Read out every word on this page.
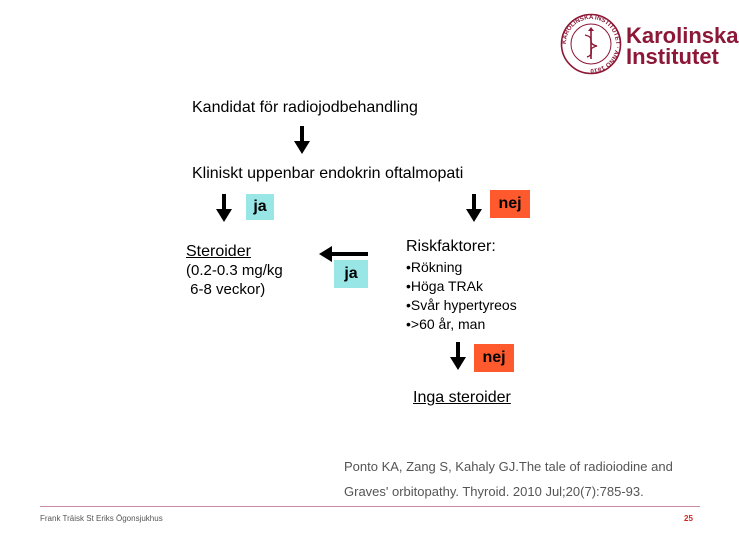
KAROLINSKA INSTITUTET · ANNO 1810
Karolinska
Institutet
Kandidat för radiojodbehandling
Kliniskt uppenbar endokrin oftalmopati
ja	nej
Steroider
(0.2-0.3 mg/kg
6-8 veckor)
ja
Riskfaktorer:
•Rökning
•Höga TRAk
•Svår hypertyreos
•>60 år, man
nej
Inga steroider
Ponto KA, Zang S, Kahaly GJ.The tale of radioiodine and
Graves' orbitopathy. Thyroid. 2010 Jul;20(7):785-93.
Frank Träisk St Eriks Ögonsjukhus	25
